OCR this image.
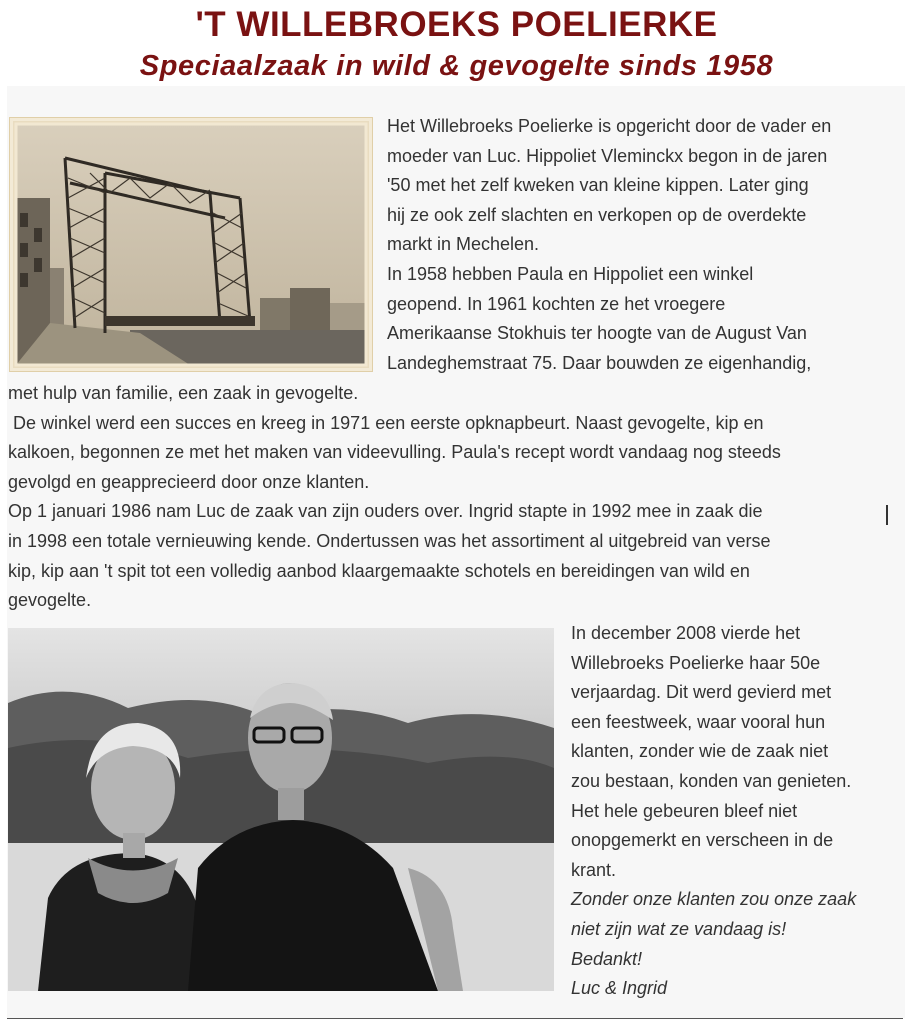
'T WILLEBROEKS POELIERKE
Speciaalzaak in wild & gevogelte sinds 1958
Het Willebroeks Poelierke is opgericht door de vader en
moeder van Luc. Hippoliet Vleminckx begon in de jaren
'50 met het zelf kweken van kleine kippen. Later ging
hij ze ook zelf slachten en verkopen op de overdekte
markt in Mechelen.
In 1958 hebben Paula en Hippoliet een winkel
geopend. In 1961 kochten ze het vroegere
Amerikaanse Stokhuis ter hoogte van de August Van
Landeghemstraat 75. Daar bouwden ze eigenhandig,
met hulp van familie, een zaak in gevogelte.
De winkel werd een succes en kreeg in 1971 een eerste opknapbeurt. Naast gevogelte, kip en
kalkoen, begonnen ze met het maken van videevulling. Paula's recept wordt vandaag nog steeds
gevolgd en geapprecieerd door onze klanten.
Op 1 januari 1986 nam Luc de zaak van zijn ouders over. Ingrid stapte in 1992 mee in zaak die
in 1998 een totale vernieuwing kende. Ondertussen was het assortiment al uitgebreid van verse
kip, kip aan 't spit tot een volledig aanbod klaargemaakte schotels en bereidingen van wild en
gevogelte.
In december 2008 vierde het
Willebroeks Poelierke haar 50e
verjaardag. Dit werd gevierd met
een feestweek, waar vooral hun
klanten, zonder wie de zaak niet
zou bestaan, konden van genieten.
Het hele gebeuren bleef niet
onopgemerkt en verscheen in de
krant.
Zonder onze klanten zou onze zaak
niet zijn wat ze vandaag is!
Bedankt!
Luc & Ingrid
